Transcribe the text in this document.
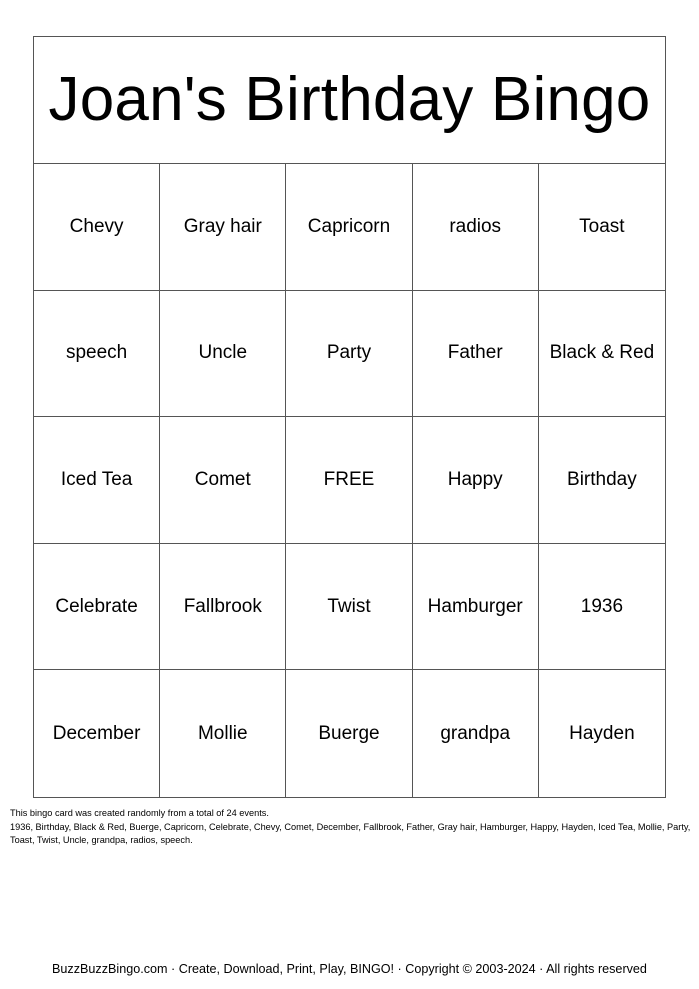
Joan's Birthday Bingo
Chevy	Gray hair	Capricorn	radios	Toast
speech	Uncle	Party	Father	Black & Red
Iced Tea	Comet	FREE	Happy	Birthday
Celebrate	Fallbrook	Twist	Hamburger	1936
December	Mollie	Buerge	grandpa	Hayden

This bingo card was created randomly from a total of 24 events.

1936, Birthday, Black & Red, Buerge, Capricorn, Celebrate, Chevy, Comet, December, Fallbrook, Father, Gray hair, Hamburger, Happy, Hayden, Iced Tea, Mollie, Party, Toast, Twist, Uncle, grandpa, radios, speech.

BuzzBuzzBingo.com · Create, Download, Print, Play, BINGO! · Copyright © 2003-2024 · All rights reserved
